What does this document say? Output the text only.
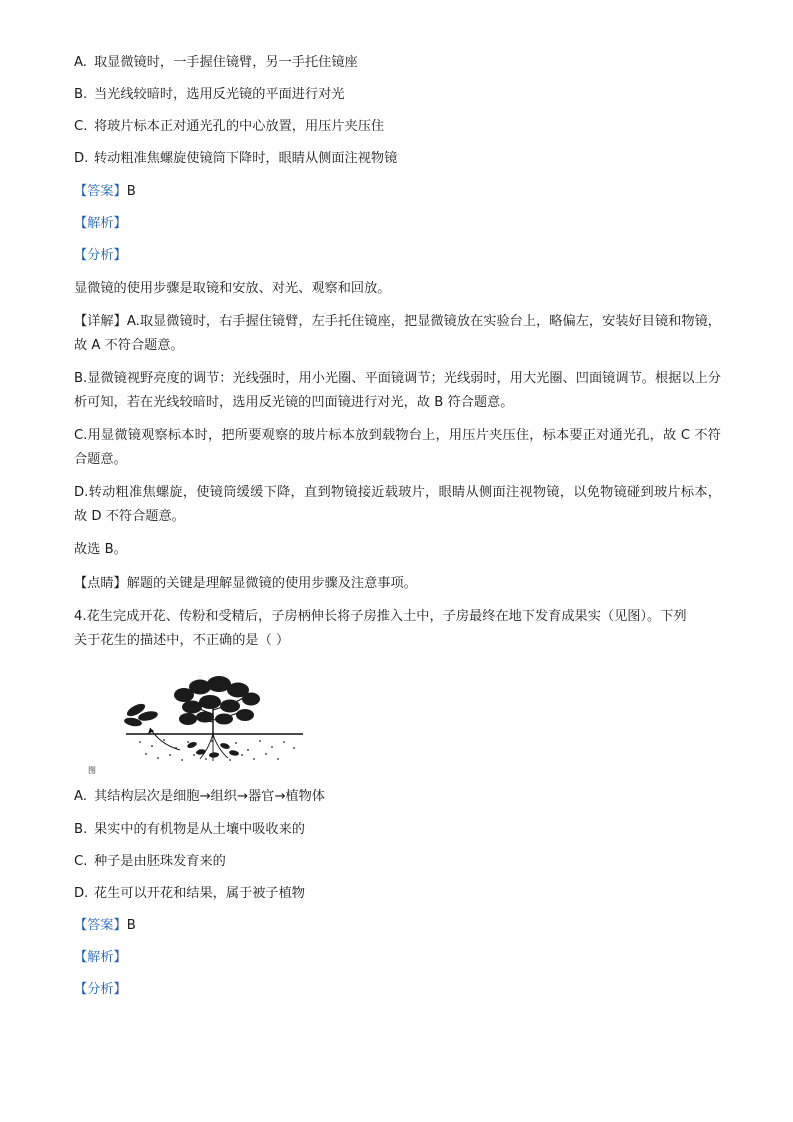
A. 取显微镜时，一手握住镜臂，另一手托住镜座
B. 当光线较暗时，选用反光镜的平面进行对光
C. 将玻片标本正对通光孔的中心放置，用压片夹压住
D. 转动粗准焦螺旋使镜筒下降时，眼睛从侧面注视物镜
【答案】B
【解析】
【分析】
显微镜的使用步骤是取镜和安放、对光、观察和回放。
【详解】A.取显微镜时，右手握住镜臂，左手托住镜座，把显微镜放在实验台上，略偏左，安装好目镜和物镜，故 A 不符合题意。
B.显微镜视野亮度的调节：光线强时，用小光圈、平面镜调节；光线弱时，用大光圈、凹面镜调节。根据以上分析可知，若在光线较暗时，选用反光镜的凹面镜进行对光，故 B 符合题意。
C.用显微镜观察标本时，把所要观察的玻片标本放到载物台上，用压片夹压住，标本要正对通光孔，故 C 不符合题意。
D.转动粗准焦螺旋，使镜筒缓缓下降，直到物镜接近载玻片，眼睛从侧面注视物镜，以免物镜碰到玻片标本，故 D 不符合题意。
故选 B。
【点睛】解题的关键是理解显微镜的使用步骤及注意事项。
4.花生完成开花、传粉和受精后，子房柄伸长将子房推入土中，子房最终在地下发育成果实（见图）。下列
关于花生的描述中，不正确的是（ ）
图
A. 其结构层次是细胞→组织→器官→植物体
B. 果实中的有机物是从土壤中吸收来的
C. 种子是由胚珠发育来的
D. 花生可以开花和结果，属于被子植物
【答案】B
【解析】
【分析】
